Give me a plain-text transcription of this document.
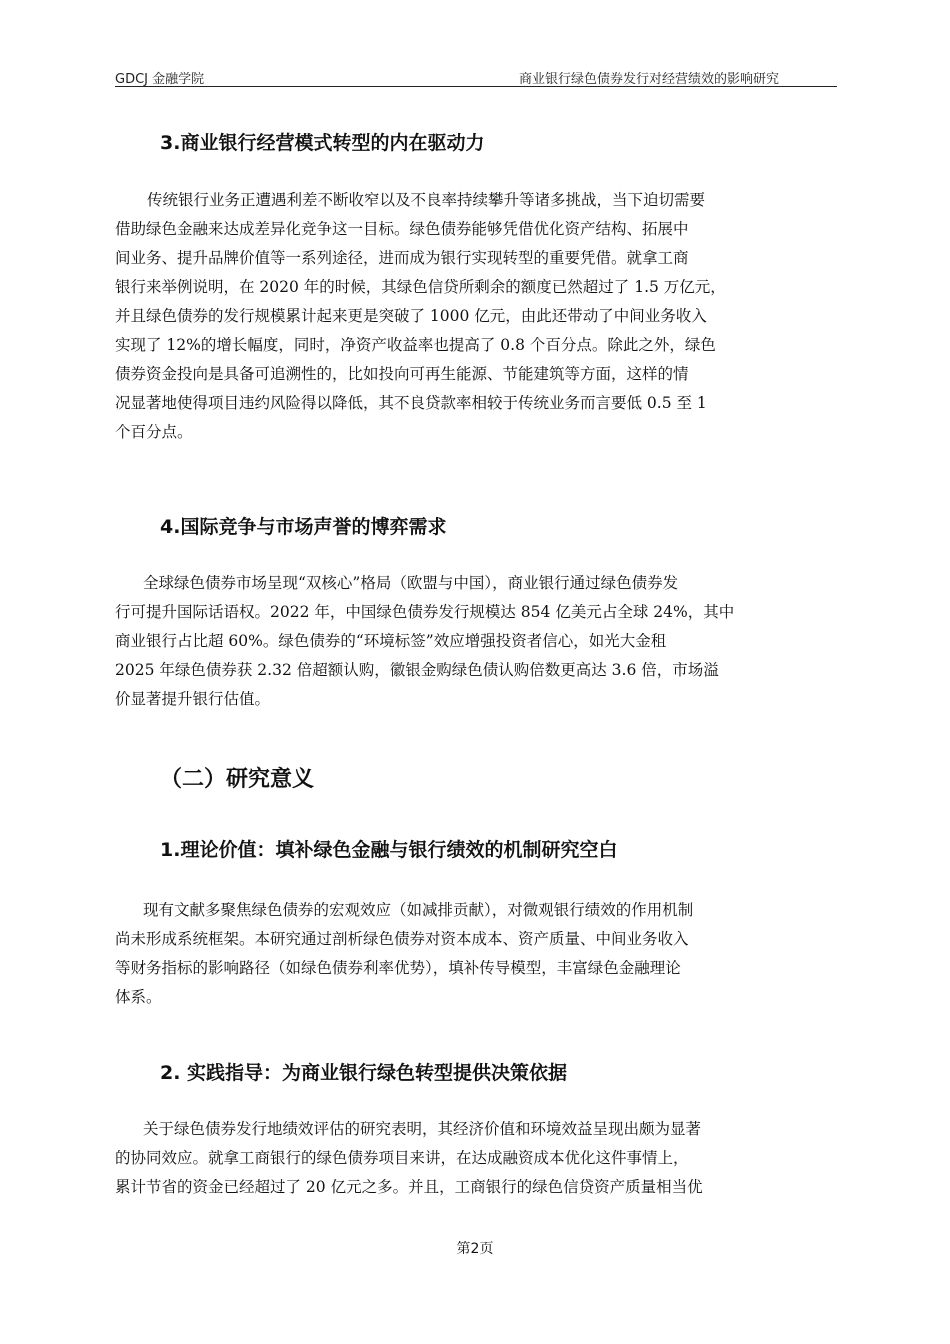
GDCJ 金融学院	商业银行绿色债券发行对经营绩效的影响研究
3.商业银行经营模式转型的内在驱动力
传统银行业务正遭遇利差不断收窄以及不良率持续攀升等诸多挑战，当下迫切需要
借助绿色金融来达成差异化竞争这一目标。绿色债券能够凭借优化资产结构、拓展中
间业务、提升品牌价值等一系列途径，进而成为银行实现转型的重要凭借。就拿工商
银行来举例说明，在 2020 年的时候，其绿色信贷所剩余的额度已然超过了 1.5 万亿元，
并且绿色债券的发行规模累计起来更是突破了 1000 亿元，由此还带动了中间业务收入
实现了 12%的增长幅度，同时，净资产收益率也提高了 0.8 个百分点。除此之外，绿色
债券资金投向是具备可追溯性的，比如投向可再生能源、节能建筑等方面，这样的情
况显著地使得项目违约风险得以降低，其不良贷款率相较于传统业务而言要低 0.5 至 1
个百分点。
4.国际竞争与市场声誉的博弈需求
全球绿色债券市场呈现“双核心”格局（欧盟与中国），商业银行通过绿色债券发
行可提升国际话语权。2022 年，中国绿色债券发行规模达 854 亿美元占全球 24%，其中
商业银行占比超 60%。绿色债券的“环境标签”效应增强投资者信心，如光大金租
2025 年绿色债券获 2.32 倍超额认购，徽银金购绿色债认购倍数更高达 3.6 倍，市场溢
价显著提升银行估值。
（二）研究意义
1.理论价值：填补绿色金融与银行绩效的机制研究空白
现有文献多聚焦绿色债券的宏观效应（如减排贡献），对微观银行绩效的作用机制
尚未形成系统框架。本研究通过剖析绿色债券对资本成本、资产质量、中间业务收入
等财务指标的影响路径（如绿色债券利率优势），填补传导模型，丰富绿色金融理论
体系。
2. 实践指导：为商业银行绿色转型提供决策依据
关于绿色债券发行地绩效评估的研究表明，其经济价值和环境效益呈现出颇为显著
的协同效应。就拿工商银行的绿色债券项目来讲，在达成融资成本优化这件事情上，
累计节省的资金已经超过了 20 亿元之多。并且，工商银行的绿色信贷资产质量相当优
第2页
